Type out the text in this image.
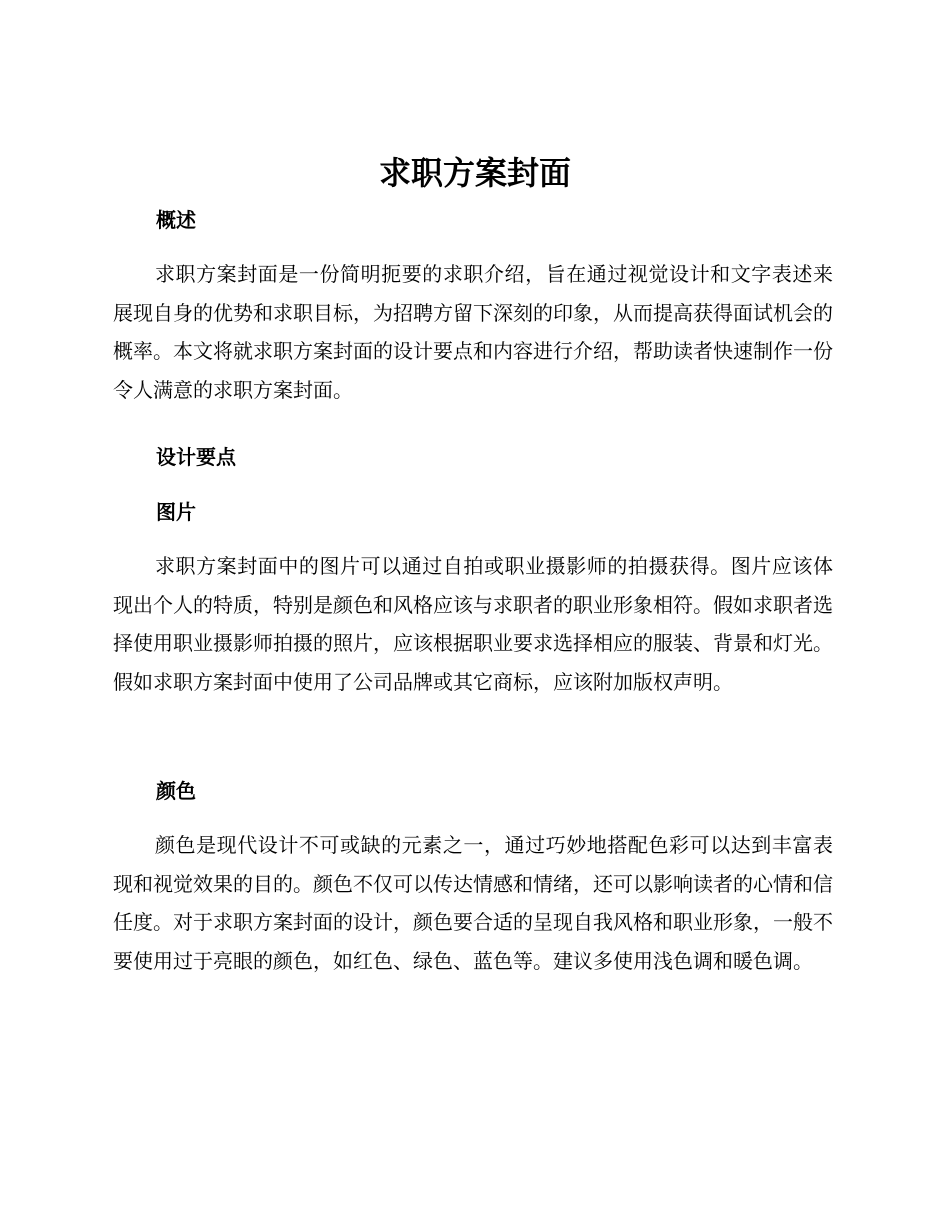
求职方案封面
概述

求职方案封面是一份简明扼要的求职介绍，旨在通过视觉设计和文字表述来展现自身的优势和求职目标，为招聘方留下深刻的印象，从而提高获得面试机会的概率。本文将就求职方案封面的设计要点和内容进行介绍，帮助读者快速制作一份令人满意的求职方案封面。

设计要点
图片

求职方案封面中的图片可以通过自拍或职业摄影师的拍摄获得。图片应该体现出个人的特质，特别是颜色和风格应该与求职者的职业形象相符。假如求职者选择使用职业摄影师拍摄的照片，应该根据职业要求选择相应的服装、背景和灯光。假如求职方案封面中使用了公司品牌或其它商标，应该附加版权声明。

颜色

颜色是现代设计不可或缺的元素之一，通过巧妙地搭配色彩可以达到丰富表现和视觉效果的目的。颜色不仅可以传达情感和情绪，还可以影响读者的心情和信任度。对于求职方案封面的设计，颜色要合适的呈现自我风格和职业形象，一般不要使用过于亮眼的颜色，如红色、绿色、蓝色等。建议多使用浅色调和暖色调。
